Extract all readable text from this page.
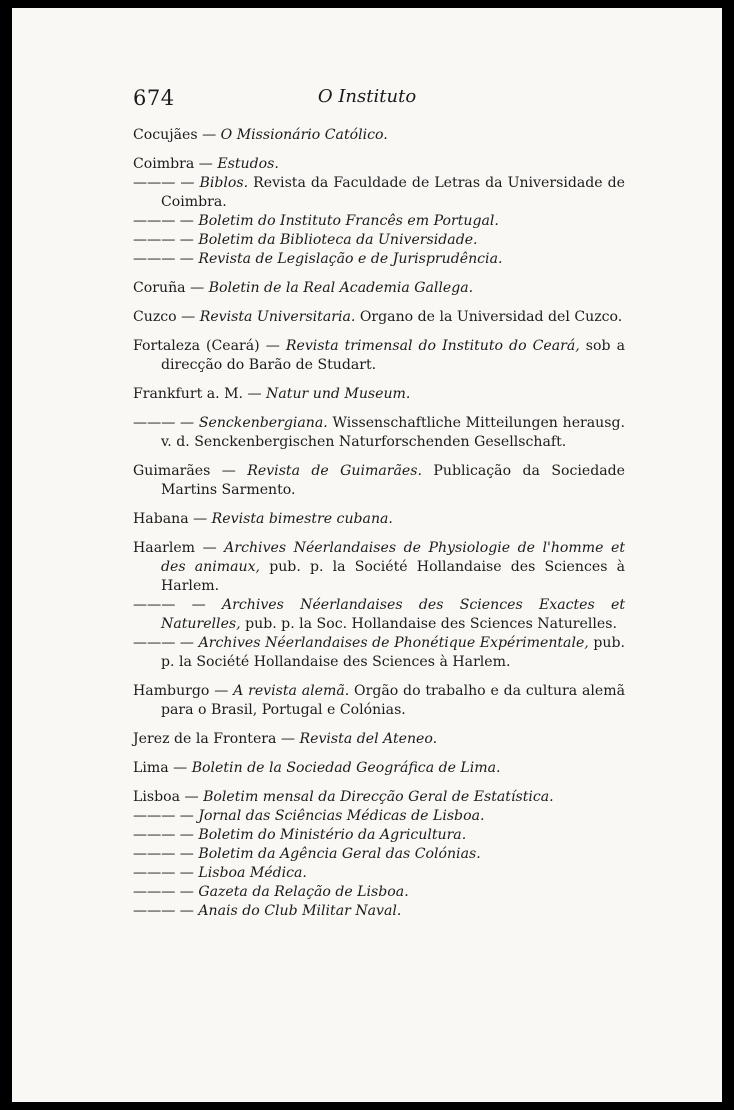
674	O Instituto
Cocujães — O Missionário Católico.
Coimbra — Estudos.
——— — Biblos. Revista da Faculdade de Letras da Universidade de Coimbra.
——— — Boletim do Instituto Francês em Portugal.
——— — Boletim da Biblioteca da Universidade.
——— — Revista de Legislação e de Jurisprudência.
Coruña — Boletin de la Real Academia Gallega.
Cuzco — Revista Universitaria. Organo de la Universidad del Cuzco.
Fortaleza (Ceará) — Revista trimensal do Instituto do Ceará, sob a direcção do Barão de Studart.
Frankfurt a. M. — Natur und Museum.
——— — Senckenbergiana. Wissenschaftliche Mitteilungen herausg. v. d. Senckenbergischen Naturforschenden Gesellschaft.
Guimarães — Revista de Guimarães. Publicação da Sociedade Martins Sarmento.
Habana — Revista bimestre cubana.
Haarlem — Archives Néerlandaises de Physiologie de l'homme et des animaux, pub. p. la Société Hollandaise des Sciences à Harlem.
——— — Archives Néerlandaises des Sciences Exactes et Naturelles, pub. p. la Soc. Hollandaise des Sciences Naturelles.
——— — Archives Néerlandaises de Phonétique Expérimentale, pub. p. la Société Hollandaise des Sciences à Harlem.
Hamburgo — A revista alemã. Orgão do trabalho e da cultura alemã para o Brasil, Portugal e Colónias.
Jerez de la Frontera — Revista del Ateneo.
Lima — Boletin de la Sociedad Geográfica de Lima.
Lisboa — Boletim mensal da Direcção Geral de Estatística.
——— — Jornal das Sciências Médicas de Lisboa.
——— — Boletim do Ministério da Agricultura.
——— — Boletim da Agência Geral das Colónias.
——— — Lisboa Médica.
——— — Gazeta da Relação de Lisboa.
——— — Anais do Club Militar Naval.
